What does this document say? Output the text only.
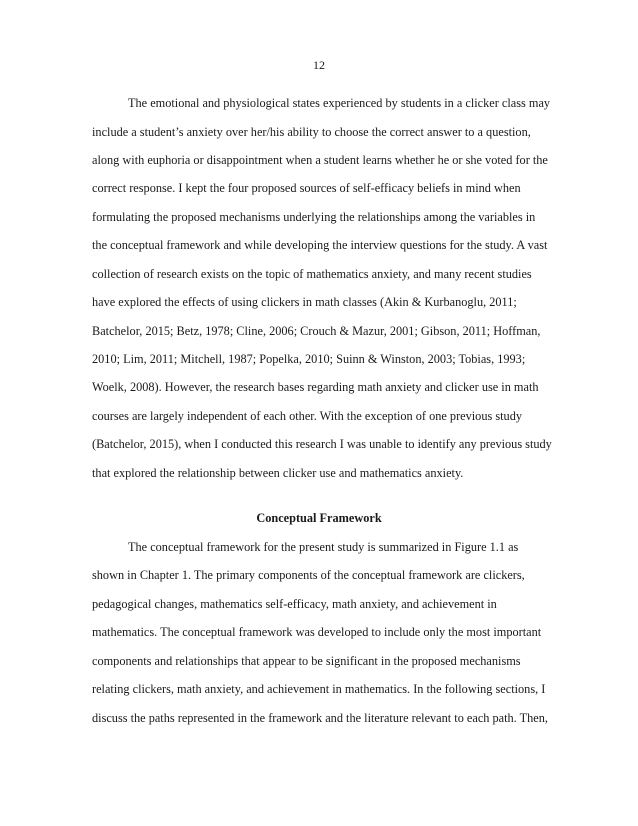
12
The emotional and physiological states experienced by students in a clicker class may
include a student’s anxiety over her/his ability to choose the correct answer to a question,
along with euphoria or disappointment when a student learns whether he or she voted for the
correct response. I kept the four proposed sources of self-efficacy beliefs in mind when
formulating the proposed mechanisms underlying the relationships among the variables in
the conceptual framework and while developing the interview questions for the study. A vast
collection of research exists on the topic of mathematics anxiety, and many recent studies
have explored the effects of using clickers in math classes (Akin & Kurbanoglu, 2011;
Batchelor, 2015; Betz, 1978; Cline, 2006; Crouch & Mazur, 2001; Gibson, 2011; Hoffman,
2010; Lim, 2011; Mitchell, 1987; Popelka, 2010; Suinn & Winston, 2003; Tobias, 1993;
Woelk, 2008). However, the research bases regarding math anxiety and clicker use in math
courses are largely independent of each other. With the exception of one previous study
(Batchelor, 2015), when I conducted this research I was unable to identify any previous study
that explored the relationship between clicker use and mathematics anxiety.
Conceptual Framework
The conceptual framework for the present study is summarized in Figure 1.1 as
shown in Chapter 1. The primary components of the conceptual framework are clickers,
pedagogical changes, mathematics self-efficacy, math anxiety, and achievement in
mathematics. The conceptual framework was developed to include only the most important
components and relationships that appear to be significant in the proposed mechanisms
relating clickers, math anxiety, and achievement in mathematics. In the following sections, I
discuss the paths represented in the framework and the literature relevant to each path. Then,
